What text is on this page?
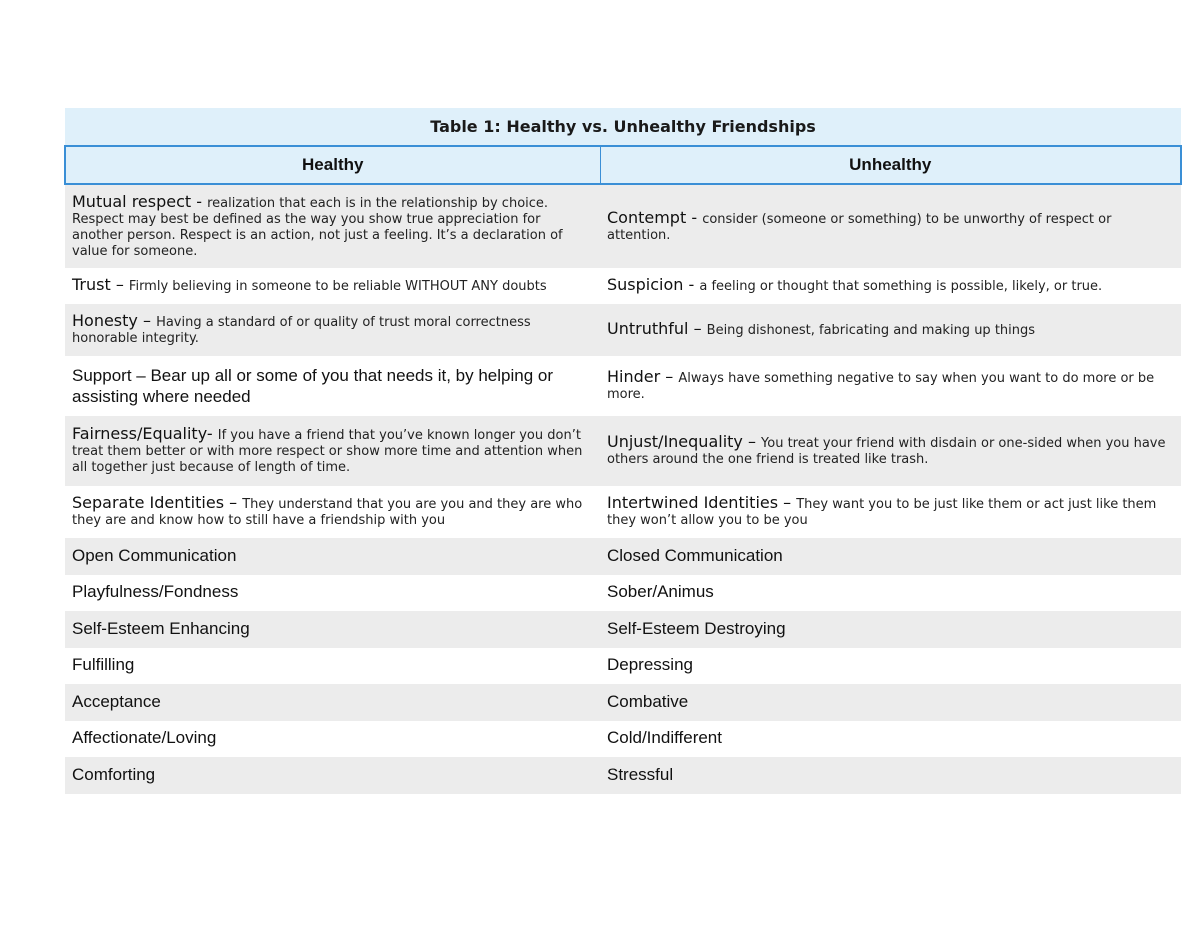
Table 1: Healthy vs. Unhealthy Friendships	
Healthy	Unhealthy
Mutual respect - realization that each is in the relationship by choice. Respect may best be defined as the way you show true appreciation for another person. Respect is an action, not just a feeling. It’s a declaration of value for someone.	Contempt - consider (someone or something) to be unworthy of respect or attention.
Trust – Firmly believing in someone to be reliable WITHOUT ANY doubts	Suspicion - a feeling or thought that something is possible, likely, or true.
Honesty – Having a standard of or quality of trust moral correctness honorable integrity.	Untruthful – Being dishonest, fabricating and making up things
Support – Bear up all or some of you that needs it, by helping or assisting where needed	Hinder – Always have something negative to say when you want to do more or be more.
Fairness/Equality- If you have a friend that you’ve known longer you don’t treat them better or with more respect or show more time and attention when all together just because of length of time.	Unjust/Inequality – You treat your friend with disdain or one-sided when you have others around the one friend is treated like trash.
Separate Identities – They understand that you are you and they are who they are and know how to still have a friendship with you	Intertwined Identities – They want you to be just like them or act just like them they won’t allow you to be you
Open Communication	Closed Communication
Playfulness/Fondness	Sober/Animus
Self-Esteem Enhancing	Self-Esteem Destroying
Fulfilling	Depressing
Acceptance	Combative
Affectionate/Loving	Cold/Indifferent
Comforting	Stressful
